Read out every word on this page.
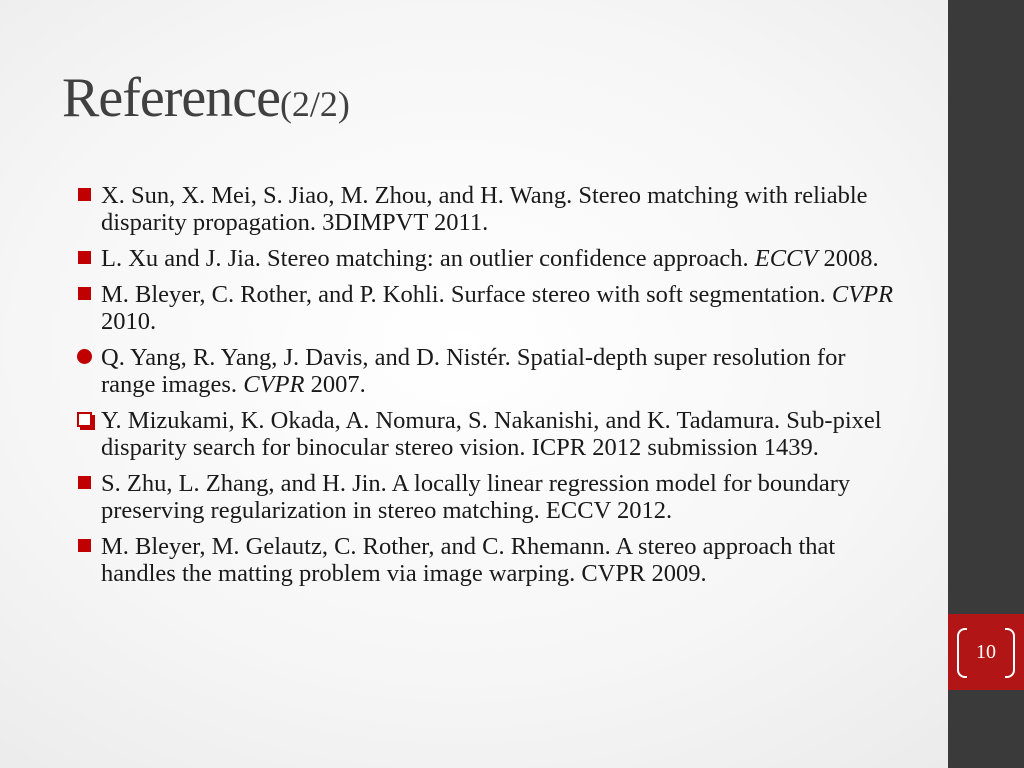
Reference(2/2)
X. Sun, X. Mei, S. Jiao, M. Zhou, and H. Wang. Stereo matching with reliable disparity propagation. 3DIMPVT 2011.
L. Xu and J. Jia. Stereo matching: an outlier confidence approach. ECCV 2008.
M. Bleyer, C. Rother, and P. Kohli. Surface stereo with soft segmentation. CVPR 2010.
Q. Yang, R. Yang, J. Davis, and D. Nistér. Spatial-depth super resolution for range images. CVPR 2007.
Y. Mizukami, K. Okada, A. Nomura, S. Nakanishi, and K. Tadamura. Sub-pixel disparity search for binocular stereo vision. ICPR 2012 submission 1439.
S. Zhu, L. Zhang, and H. Jin. A locally linear regression model for boundary preserving regularization in stereo matching. ECCV 2012.
M. Bleyer, M. Gelautz, C. Rother, and C. Rhemann. A stereo approach that handles the matting problem via image warping. CVPR 2009.
10
